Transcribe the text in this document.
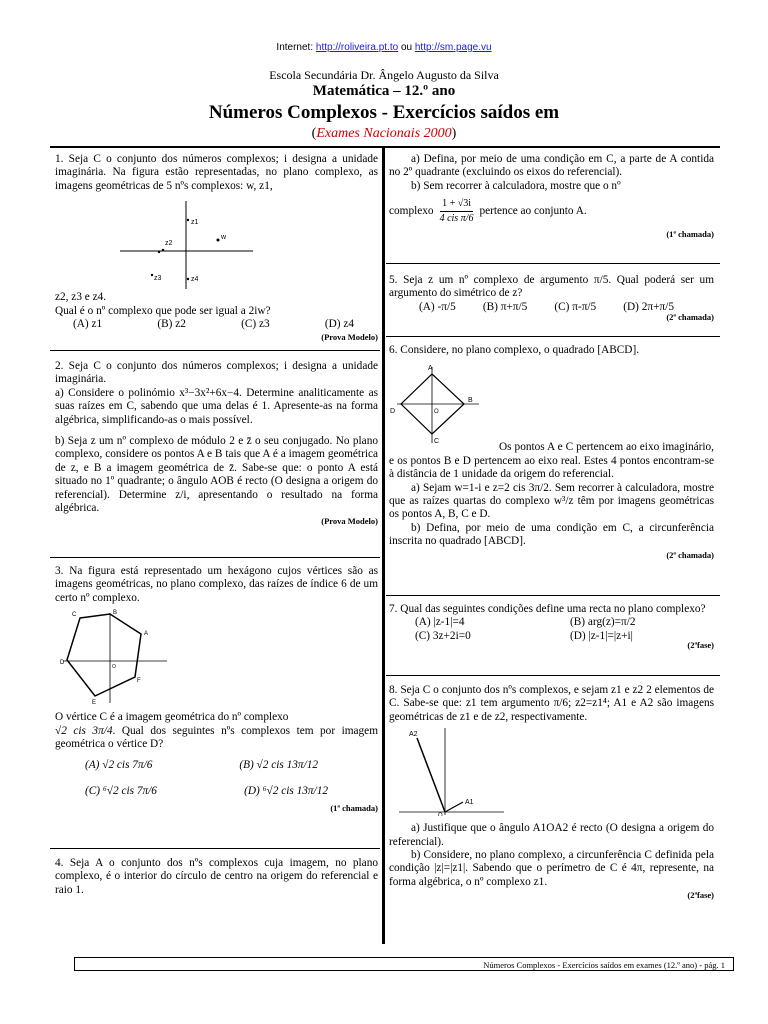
Internet: http://roliveira.pt.to ou http://sm.page.vu
Escola Secundária Dr. Ângelo Augusto da Silva
Matemática – 12.º ano
Números Complexos - Exercícios saídos em
(Exames Nacionais 2000)

1. Seja C o conjunto dos números complexos; i designa a unidade imaginária. Na figura estão representadas, no plano complexo, as imagens geométricas de 5 nºs complexos: w, z1,

z2
z1
w
z3	z4

z2, z3 e z4.

Qual é o nº complexo que pode ser igual a 2iw?

(A) z1	(B) z2	(C) z3	(D) z4
(Prova Modelo)

2. Seja C o conjunto dos números complexos; i designa a unidade imaginária.

a) Considere o polinómio x³−3x²+6x−4. Determine analiticamente as suas raízes em C, sabendo que uma delas é 1. Apresente-as na forma algébrica, simplificando-as o mais possível.

b) Seja z um nº complexo de módulo 2 e z̄ o seu conjugado. No plano complexo, considere os pontos A e B tais que A é a imagem geométrica de z, e B a imagem geométrica de z̄. Sabe-se que: o ponto A está situado no 1º quadrante; o ângulo AOB é recto (O designa a origem do referencial). Determine z/i, apresentando o resultado na forma algébrica.

(Prova Modelo)

3. Na figura está representado um hexágono cujos vértices são as imagens geométricas, no plano complexo, das raízes de índice 6 de um certo nº complexo.

C	B
A
F
E
D
O

O vértice C é a imagem geométrica do nº complexo

√2 cis 3π/4. Qual dos seguintes nºs complexos tem por imagem geométrica o vértice D?

(A) √2 cis 7π/6	(B) √2 cis 13π/12
(C) ⁶√2 cis 7π/6	(D) ⁶√2 cis 13π/12
(1ª chamada)

4. Seja A o conjunto dos nºs complexos cuja imagem, no plano complexo, é o interior do círculo de centro na origem do referencial e raio 1.

a) Defina, por meio de uma condição em C, a parte de A contida no 2º quadrante (excluindo os eixos do referencial).

b) Sem recorrer à calculadora, mostre que o nº

complexo $\frac{1 + √3i}{\text{4 cis π/6}}$ pertence ao conjunto A.
(1ª chamada)

5. Seja z um nº complexo de argumento π/5. Qual poderá ser um argumento do simétrico de z?

(A) -π/5 (B) π+π/5 (C) π-π/5 (D) 2π+π/5
(2ª chamada)

6. Considere, no plano complexo, o quadrado [ABCD].

A
B
C
D	O

Os pontos A e C pertencem ao eixo imaginário, e os pontos B e D pertencem ao eixo real. Estes 4 pontos encontram-se à distância de 1 unidade da origem do referencial.

a) Sejam w=1-i e z=2 cis 3π/2. Sem recorrer à calculadora, mostre que as raízes quartas do complexo w³/z têm por imagens geométricas os pontos A, B, C e D.

b) Defina, por meio de uma condição em C, a circunferência inscrita no quadrado [ABCD].

(2ª chamada)

7. Qual das seguintes condições define uma recta no plano complexo?

(A) |z-1|=4	(B) arg(z)=π/2
(C) 3z+2i=0	(D) |z-1|=|z+i|
(2ªfase)

8. Seja C o conjunto dos nºs complexos, e sejam z1 e z2 2 elementos de C. Sabe-se que: z1 tem argumento π/6; z2=z1⁴; A1 e A2 são imagens geométricas de z1 e de z2, respectivamente.

A2
A1
O

a) Justifique que o ângulo A1OA2 é recto (O designa a origem do referencial).

b) Considere, no plano complexo, a circunferência C definida pela condição |z|=|z1|. Sabendo que o perímetro de C é 4π, represente, na forma algébrica, o nº complexo z1.

(2ªfase)
Números Complexos - Exercícios saídos em exames (12.º ano) - pág. 1
